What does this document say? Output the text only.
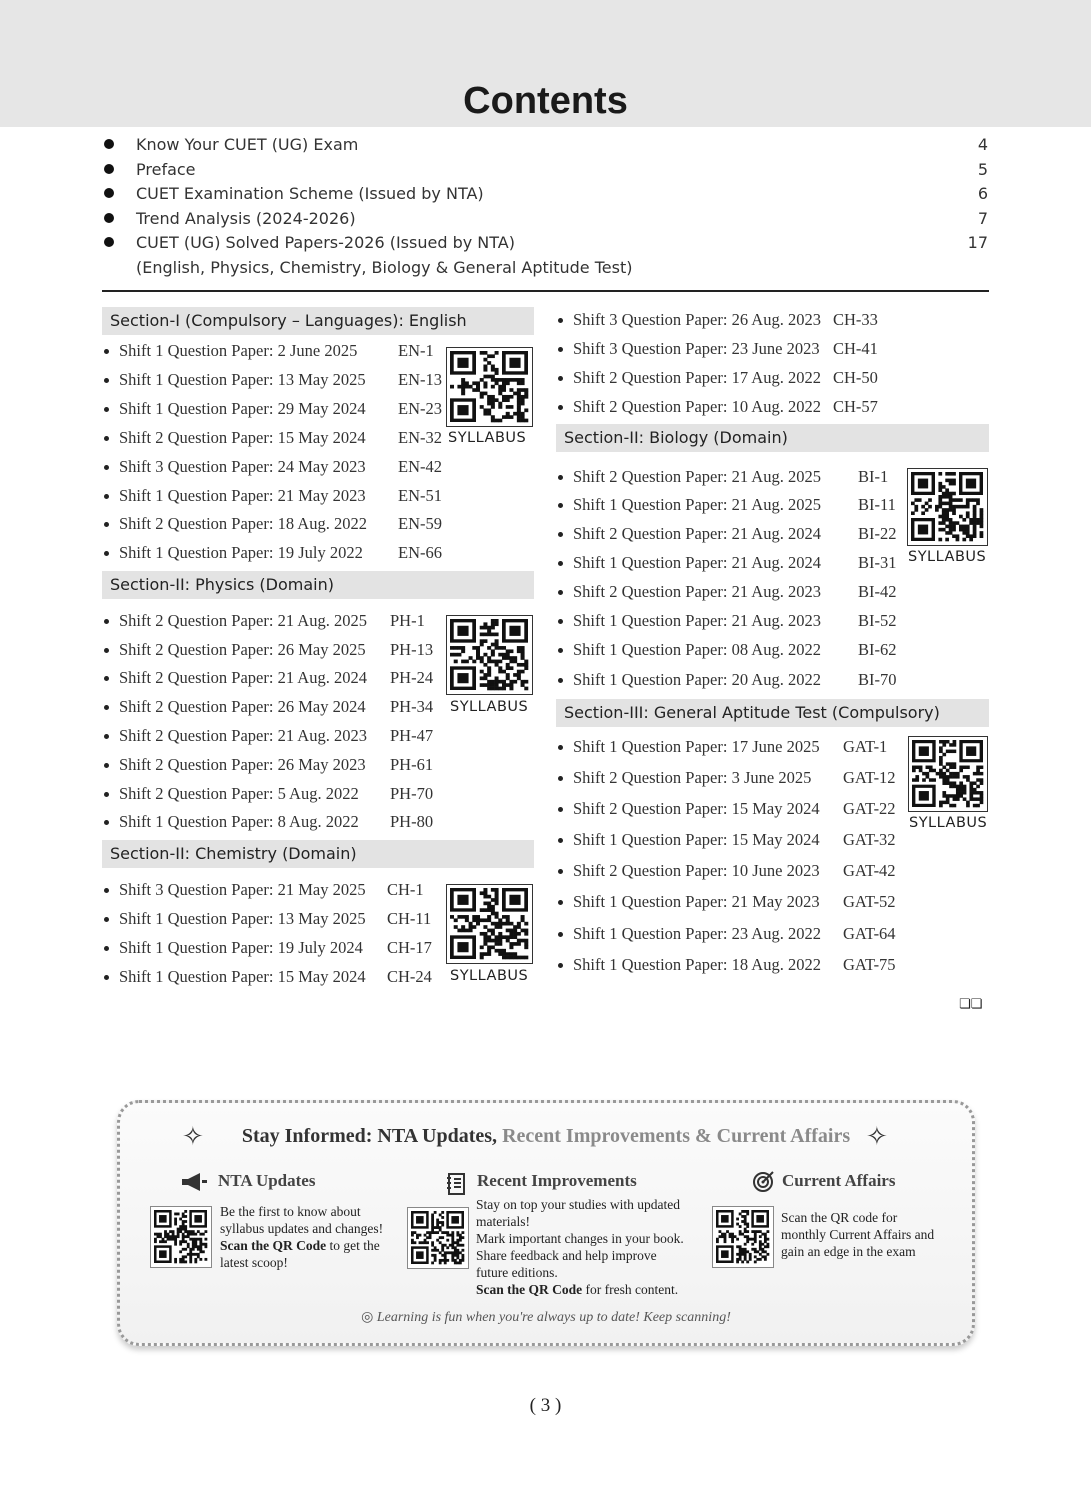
Contents
Know Your CUET (UG) Exam	4
Preface	5
CUET Examination Scheme (Issued by NTA)	6
Trend Analysis (2024-2026)	7
CUET (UG) Solved Papers-2026 (Issued by NTA)	17
(English, Physics, Chemistry, Biology & General Aptitude Test)
Section-I (Compulsory – Languages): English
Section-II: Physics (Domain)
Section-II: Chemistry (Domain)
Section-II: Biology (Domain)
Section-III: General Aptitude Test (Compulsory)
Shift 1 Question Paper: 2 June 2025 EN-1
Shift 1 Question Paper: 13 May 2025 EN-13
Shift 1 Question Paper: 29 May 2024 EN-23
Shift 2 Question Paper: 15 May 2024 EN-32
Shift 3 Question Paper: 24 May 2023 EN-42
Shift 1 Question Paper: 21 May 2023 EN-51
Shift 2 Question Paper: 18 Aug. 2022 EN-59
Shift 1 Question Paper: 19 July 2022 EN-66
Shift 2 Question Paper: 21 Aug. 2025 PH-1
Shift 2 Question Paper: 26 May 2025 PH-13
Shift 2 Question Paper: 21 Aug. 2024 PH-24
Shift 2 Question Paper: 26 May 2024 PH-34
Shift 2 Question Paper: 21 Aug. 2023 PH-47
Shift 2 Question Paper: 26 May 2023 PH-61
Shift 2 Question Paper: 5 Aug. 2022 PH-70
Shift 1 Question Paper: 8 Aug. 2022 PH-80
Shift 3 Question Paper: 21 May 2025 CH-1
Shift 1 Question Paper: 13 May 2025 CH-11
Shift 1 Question Paper: 19 July 2024 CH-17
Shift 1 Question Paper: 15 May 2024 CH-24
Shift 3 Question Paper: 26 Aug. 2023 CH-33
Shift 3 Question Paper: 23 June 2023 CH-41
Shift 2 Question Paper: 17 Aug. 2022 CH-50
Shift 2 Question Paper: 10 Aug. 2022 CH-57
Shift 2 Question Paper: 21 Aug. 2025 BI-1
Shift 1 Question Paper: 21 Aug. 2025 BI-11
Shift 2 Question Paper: 21 Aug. 2024 BI-22
Shift 1 Question Paper: 21 Aug. 2024 BI-31
Shift 2 Question Paper: 21 Aug. 2023 BI-42
Shift 1 Question Paper: 21 Aug. 2023 BI-52
Shift 1 Question Paper: 08 Aug. 2022 BI-62
Shift 1 Question Paper: 20 Aug. 2022 BI-70
Shift 1 Question Paper: 17 June 2025 GAT-1
Shift 2 Question Paper: 3 June 2025 GAT-12
Shift 2 Question Paper: 15 May 2024 GAT-22
Shift 1 Question Paper: 15 May 2024 GAT-32
Shift 2 Question Paper: 10 June 2023 GAT-42
Shift 1 Question Paper: 21 May 2023 GAT-52
Shift 1 Question Paper: 23 Aug. 2022 GAT-64
Shift 1 Question Paper: 18 Aug. 2022 GAT-75
SYLLABUS
SYLLABUS
SYLLABUS
SYLLABUS
SYLLABUS
❏❏
✧	Stay Informed: NTA Updates, Recent Improvements & Current Affairs ✧
NTA Updates
Be the first to know about
syllabus updates and changes!
Scan the QR Code to get the
latest scoop!
Recent Improvements
Stay on top your studies with updated
materials!
Mark important changes in your book.
Share feedback and help improve
future editions.
Scan the QR Code for fresh content.
Current Affairs
Scan the QR code for
monthly Current Affairs and
gain an edge in the exam
◎ Learning is fun when you're always up to date! Keep scanning!
( 3 )
